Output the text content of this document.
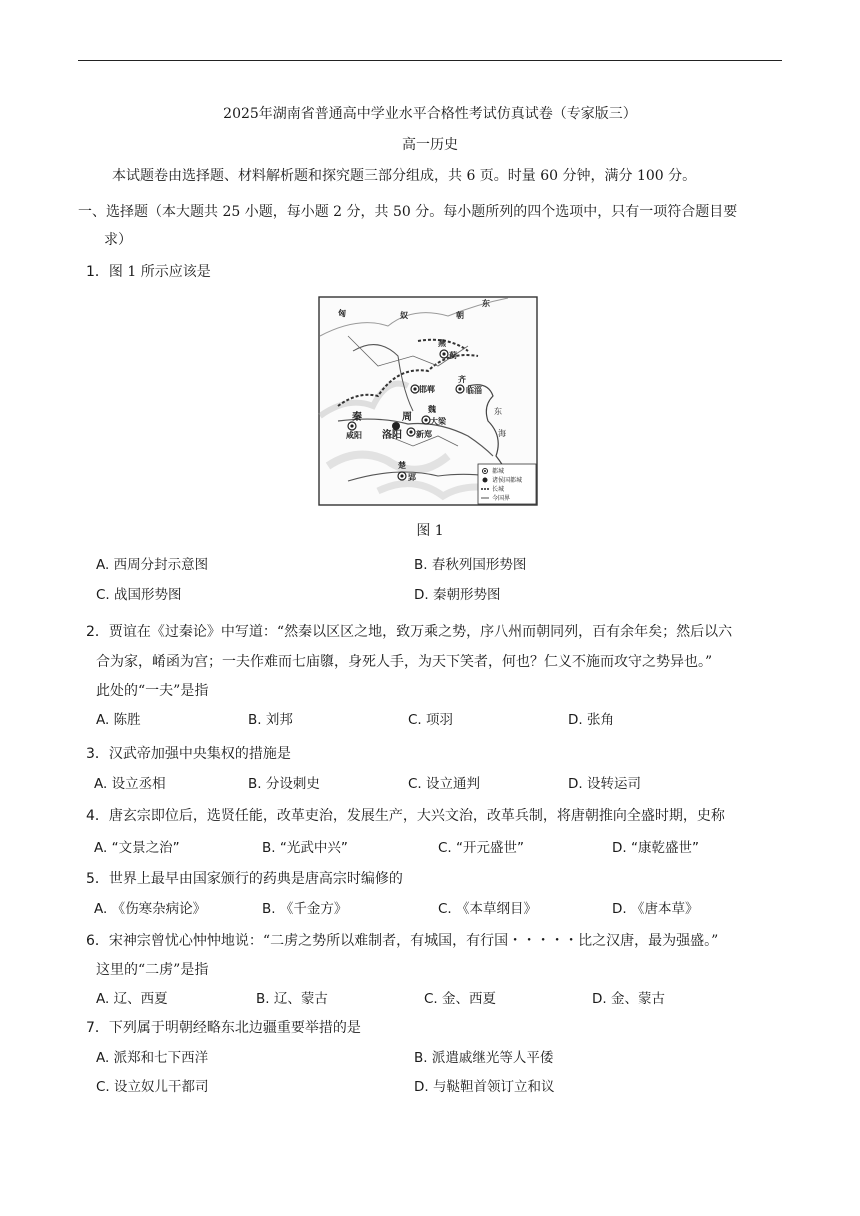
2025年湖南省普通高中学业水平合格性考试仿真试卷（专家版三）
高一历史
本试题卷由选择题、材料解析题和探究题三部分组成，共 6 页。时量 60 分钟，满分 100 分。
一、选择题（本大题共 25 小题，每小题 2 分，共 50 分。每小题所列的四个选项中，只有一项符合题目要
求）
1．图 1 所示应该是
匈	奴
东
朝
燕
蓟
齐
临淄
邯郸
魏
大梁
周
秦
咸阳 洛阳 新郑
楚
郢
东
海
都城
诸侯国都城
长城
今国界
图 1
A. 西周分封示意图	B. 春秋列国形势图
C. 战国形势图	D. 秦朝形势图
2．贾谊在《过秦论》中写道：“然秦以区区之地，致万乘之势，序八州而朝同列，百有余年矣；然后以六
合为家，崤函为宫；一夫作难而七庙隳，身死人手，为天下笑者，何也？仁义不施而攻守之势异也。”
此处的“一夫”是指
A. 陈胜	B. 刘邦	C. 项羽	D. 张角
3．汉武帝加强中央集权的措施是
A. 设立丞相	B. 分设刺史	C. 设立通判	D. 设转运司
4．唐玄宗即位后，选贤任能，改革吏治，发展生产，大兴文治，改革兵制，将唐朝推向全盛时期，史称
A. “文景之治”	B. “光武中兴”	C. “开元盛世”	D. “康乾盛世”
5．世界上最早由国家颁行的药典是唐高宗时编修的
A. 《伤寒杂病论》	B. 《千金方》	C. 《本草纲目》	D. 《唐本草》
6．宋神宗曾忧心忡忡地说：“二虏之势所以难制者，有城国，有行国・・・・・比之汉唐，最为强盛。”
这里的“二虏”是指
A. 辽、西夏	B. 辽、蒙古	C. 金、西夏	D. 金、蒙古
7．下列属于明朝经略东北边疆重要举措的是
A. 派郑和七下西洋	B. 派遣戚继光等人平倭
C. 设立奴儿干都司	D. 与鞑靼首领订立和议
